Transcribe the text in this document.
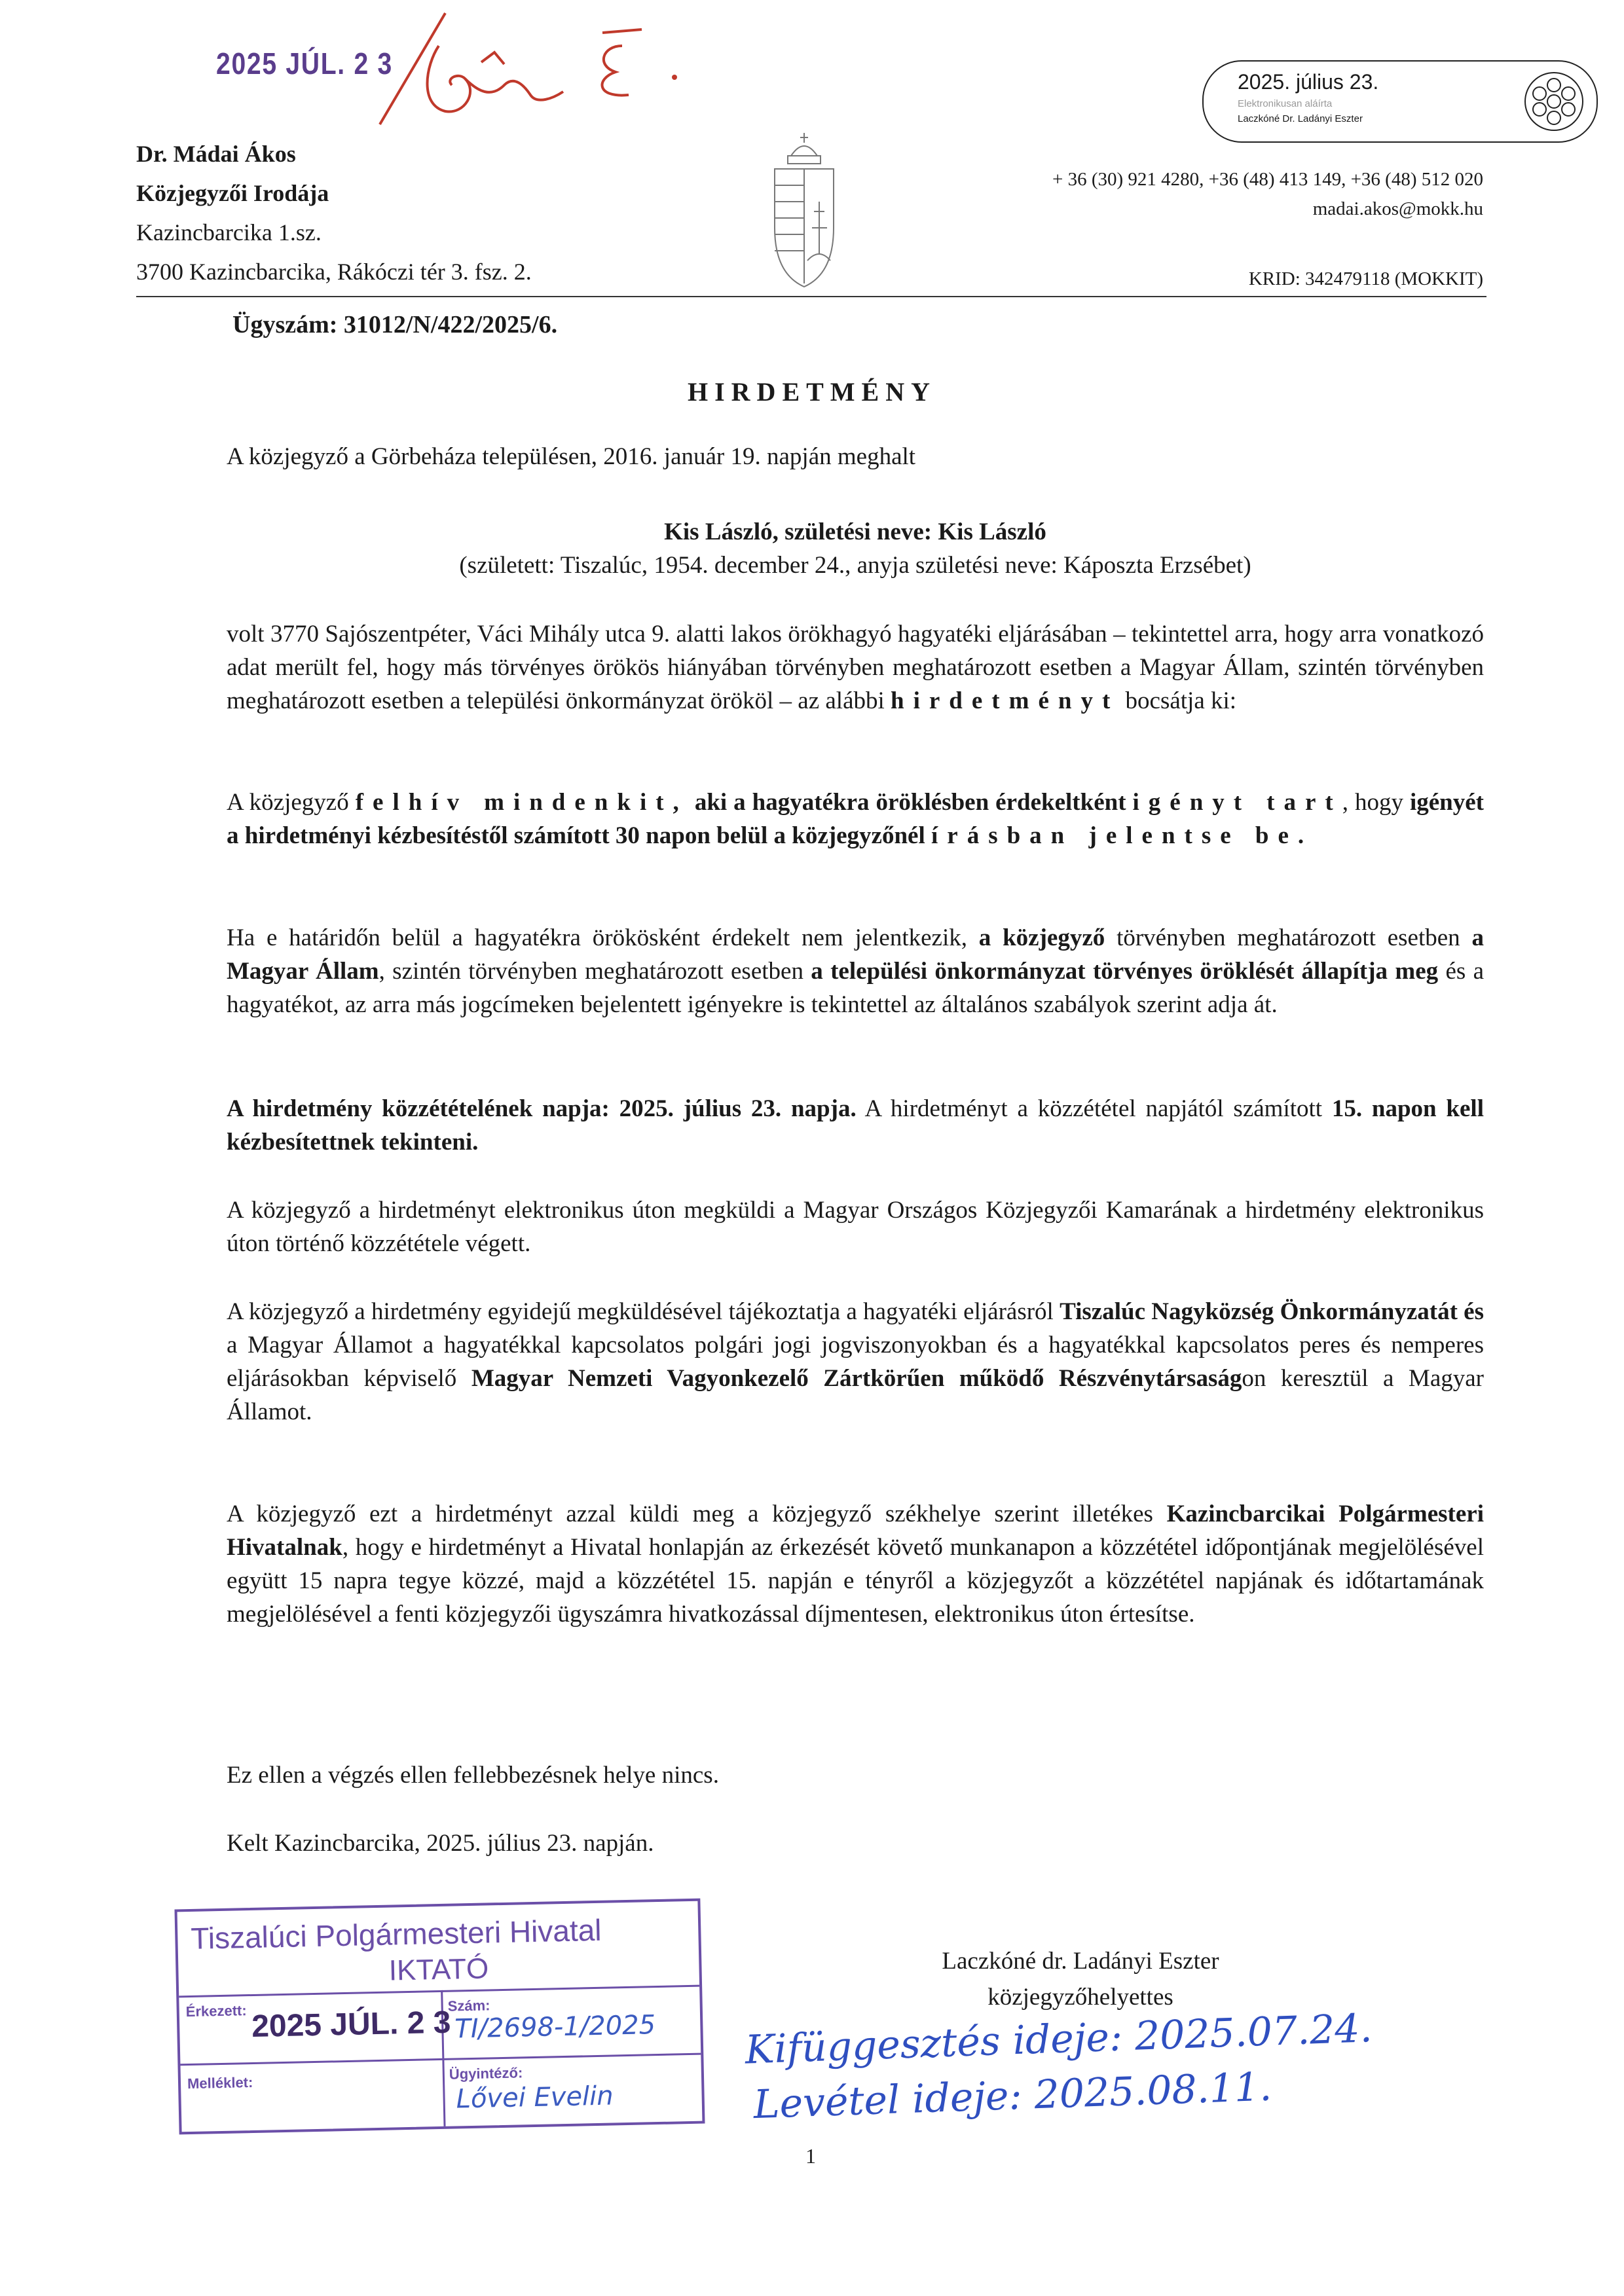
2025 JÚL. 2 3
Dr. Mádai Ákos
Közjegyzői Irodája
Kazincbarcika 1.sz.
3700 Kazincbarcika, Rákóczi tér 3. fsz. 2.
+ 36 (30) 921 4280, +36 (48) 413 149, +36 (48) 512 020
madai.akos@mokk.hu
KRID: 342479118 (MOKKIT)
2025. július 23.
Elektronikusan aláírta
Laczkóné Dr. Ladányi Eszter
Ügyszám: 31012/N/422/2025/6.
HIRDETMÉNY
A közjegyző a Görbeháza településen, 2016. január 19. napján meghalt
Kis László, születési neve: Kis László
(született: Tiszalúc, 1954. december 24., anyja születési neve: Káposzta Erzsébet)
volt 3770 Sajószentpéter, Váci Mihály utca 9. alatti lakos örökhagyó hagyatéki eljárásában – tekintettel arra, hogy arra vonatkozó adat merült fel, hogy más törvényes örökös hiányában törvényben meghatározott esetben a Magyar Állam, szintén törvényben meghatározott esetben a települési önkormányzat örököl – az alábbi hirdetményt bocsátja ki:
A közjegyző felhív mindenkit, aki a hagyatékra öröklésben érdekeltként igényt tart, hogy igényét a hirdetményi kézbesítéstől számított 30 napon belül a közjegyzőnél írásban jelentse be.
Ha e határidőn belül a hagyatékra örökösként érdekelt nem jelentkezik, a közjegyző törvényben meghatározott esetben a Magyar Állam, szintén törvényben meghatározott esetben a települési önkormányzat törvényes öröklését állapítja meg és a hagyatékot, az arra más jogcímeken bejelentett igényekre is tekintettel az általános szabályok szerint adja át.
A hirdetmény közzétételének napja: 2025. július 23. napja. A hirdetményt a közzététel napjától számított 15. napon kell kézbesítettnek tekinteni.
A közjegyző a hirdetményt elektronikus úton megküldi a Magyar Országos Közjegyzői Kamarának a hirdetmény elektronikus úton történő közzététele végett.
A közjegyző a hirdetmény egyidejű megküldésével tájékoztatja a hagyatéki eljárásról Tiszalúc Nagyközség Önkormányzatát és a Magyar Államot a hagyatékkal kapcsolatos polgári jogi jogviszonyokban és a hagyatékkal kapcsolatos peres és nemperes eljárásokban képviselő Magyar Nemzeti Vagyonkezelő Zártkörűen működő Részvénytársaságon keresztül a Magyar Államot.
A közjegyző ezt a hirdetményt azzal küldi meg a közjegyző székhelye szerint illetékes Kazincbarcikai Polgármesteri Hivatalnak, hogy e hirdetményt a Hivatal honlapján az érkezését követő munkanapon a közzététel időpontjának megjelölésével együtt 15 napra tegye közzé, majd a közzététel 15. napján e tényről a közjegyzőt a közzététel napjának és időtartamának megjelölésével a fenti közjegyzői ügyszámra hivatkozással díjmentesen, elektronikus úton értesítse.
Ez ellen a végzés ellen fellebbezésnek helye nincs.
Kelt Kazincbarcika, 2025. július 23. napján.
Laczkóné dr. Ladányi Eszter
közjegyzőhelyettes
Tiszalúci Polgármesteri Hivatal
IKTATÓ
Érkezett: 2025 JÚL. 2 3
Szám:
TI/2698-1/2025
Melléklet:
Ügyintéző:
Lővei Evelin
Kifüggesztés ideje: 2025.07.24.
Levétel ideje: 2025.08.11.
1
